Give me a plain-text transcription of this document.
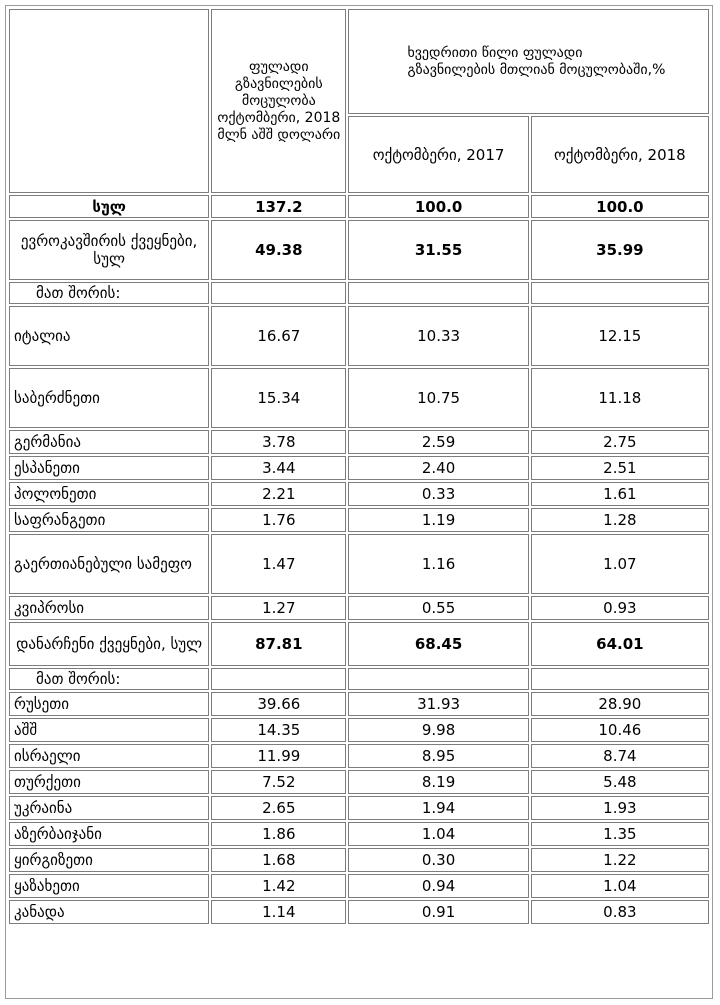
	ფულადი გზავნილების მოცულობა ოქტომბერი, 2018 მლნ აშშ დოლარი	ხვედრითი წილი ფულადი გზავნილების მთლიან მოცულობაში,%	
		ოქტომბერი, 2017	ოქტომბერი, 2018
სულ	137.2	100.0	100.0
ევროკავშირის ქვეყნები, სულ	49.38	31.55	35.99
მათ შორის:			
იტალია	16.67	10.33	12.15
საბერძნეთი	15.34	10.75	11.18
გერმანია	3.78	2.59	2.75
ესპანეთი	3.44	2.40	2.51
პოლონეთი	2.21	0.33	1.61
საფრანგეთი	1.76	1.19	1.28
გაერთიანებული სამეფო	1.47	1.16	1.07
კვიპროსი	1.27	0.55	0.93
დანარჩენი ქვეყნები, სულ	87.81	68.45	64.01
მათ შორის:			
რუსეთი	39.66	31.93	28.90
აშშ	14.35	9.98	10.46
ისრაელი	11.99	8.95	8.74
თურქეთი	7.52	8.19	5.48
უკრაინა	2.65	1.94	1.93
აზერბაიჯანი	1.86	1.04	1.35
ყირგიზეთი	1.68	0.30	1.22
ყაზახეთი	1.42	0.94	1.04
კანადა	1.14	0.91	0.83
